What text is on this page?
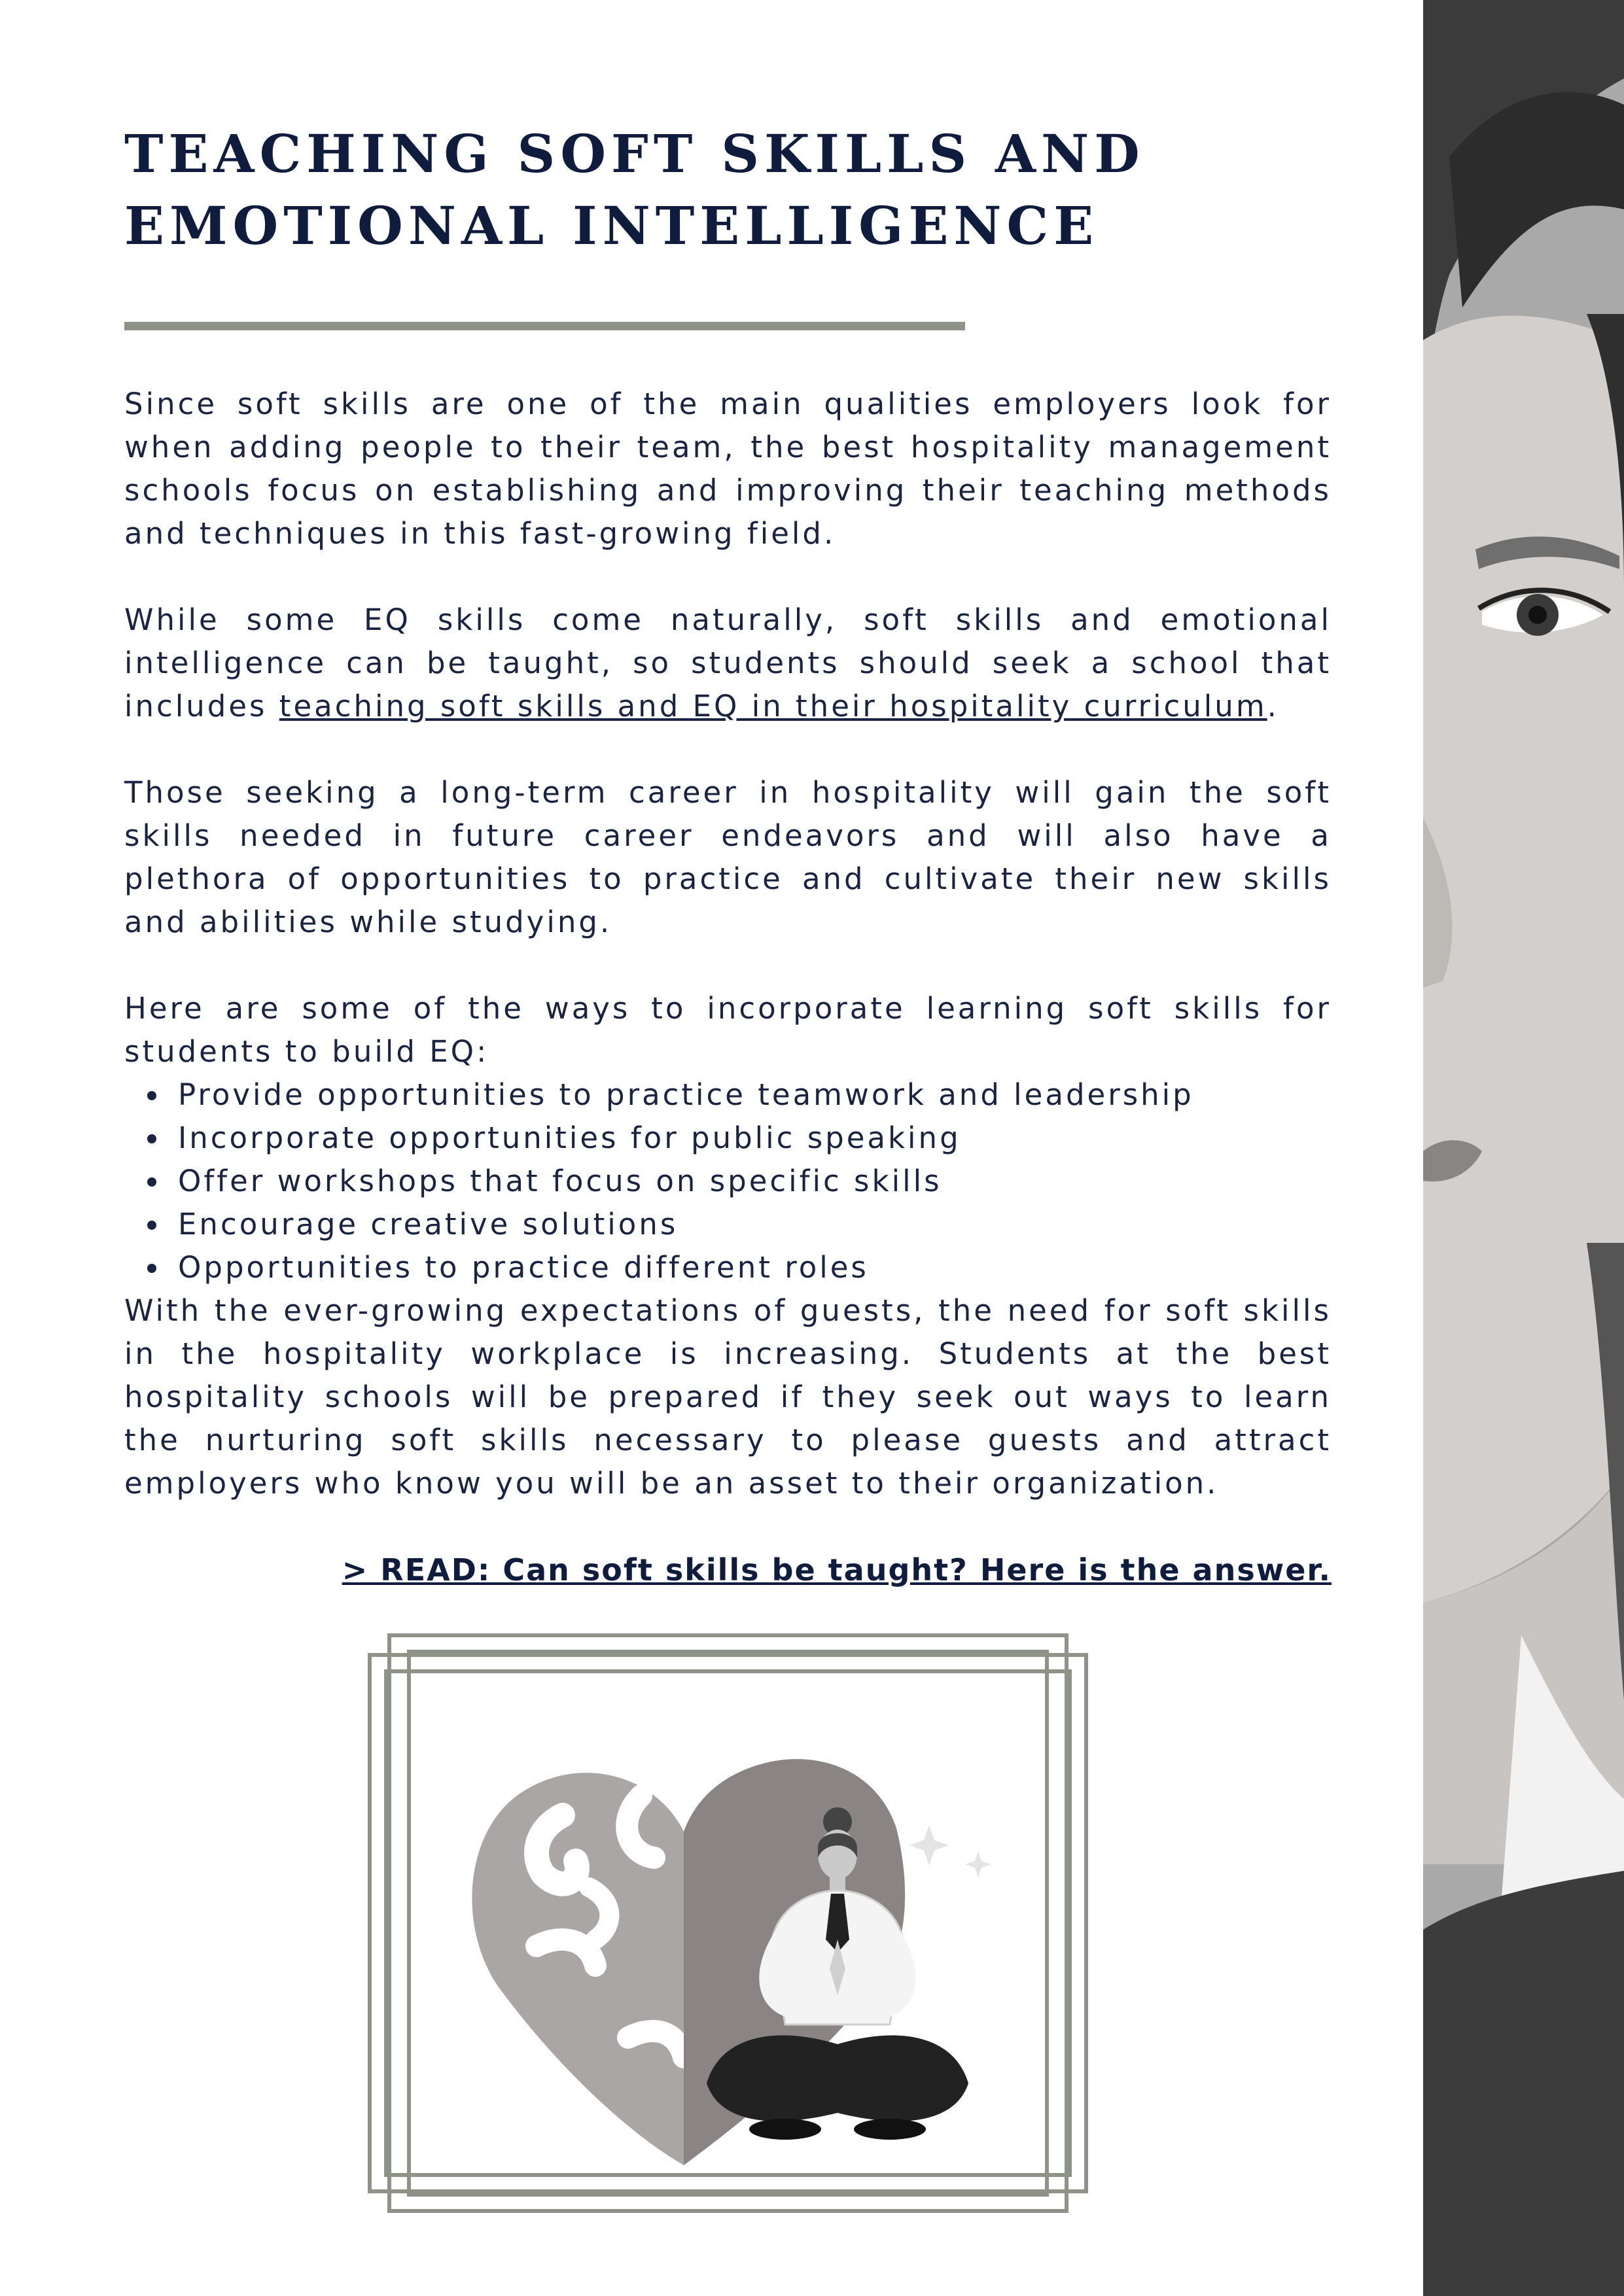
TEACHING SOFT SKILLS AND
EMOTIONAL INTELLIGENCE

Since soft skills are one of the main qualities employers look for when adding people to their team, the best hospitality management schools focus on establishing and improving their teaching methods and techniques in this fast-growing field.

While some EQ skills come naturally, soft skills and emotional intelligence can be taught, so students should seek a school that includes teaching soft skills and EQ in their hospitality curriculum.

Those seeking a long-term career in hospitality will gain the soft skills needed in future career endeavors and will also have a plethora of opportunities to practice and cultivate their new skills and abilities while studying.

Here are some of the ways to incorporate learning soft skills for students to build EQ:

Provide opportunities to practice teamwork and leadership
Incorporate opportunities for public speaking
Offer workshops that focus on specific skills
Encourage creative solutions
Opportunities to practice different roles

With the ever-growing expectations of guests, the need for soft skills in the hospitality workplace is increasing. Students at the best hospitality schools will be prepared if they seek out ways to learn the nurturing soft skills necessary to please guests and attract employers who know you will be an asset to their organization.

> READ: Can soft skills be taught? Here is the answer.
